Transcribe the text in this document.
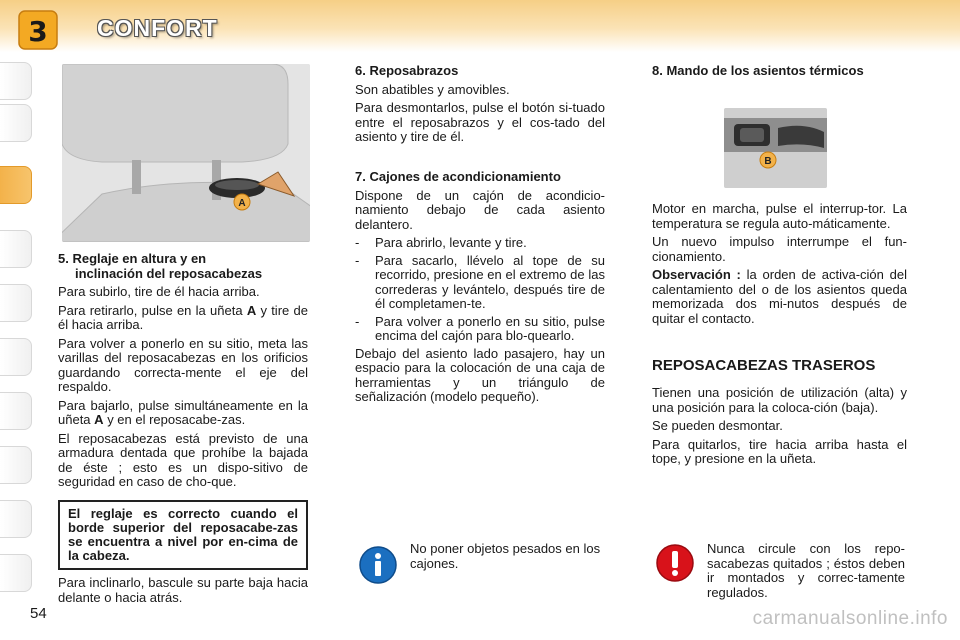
3 CONFORT
A

5. Reglaje en altura y en
inclinación del reposacabezas

Para subirlo, tire de él hacia arriba.

Para retirarlo, pulse en la uñeta A y tire de él hacia arriba.

Para volver a ponerlo en su sitio, meta las varillas del reposacabezas en los orificios guardando correcta-mente el eje del respaldo.

Para bajarlo, pulse simultáneamente en la uñeta A y en el reposacabe-zas.

El reposacabezas está previsto de una armadura dentada que prohíbe la bajada de éste ; esto es un dispo-sitivo de seguridad en caso de cho-que.

El reglaje es correcto cuando el borde superior del reposacabe-zas se encuentra a nivel por en-cima de la cabeza.
Para inclinarlo, bascule su parte baja hacia delante o hacia atrás.

6. Reposabrazos

Son abatibles y amovibles.

Para desmontarlos, pulse el botón si-tuado entre el reposabrazos y el cos-tado del asiento y tire de él.

7. Cajones de acondicionamiento

Dispone de un cajón de acondicio-namiento debajo de cada asiento delantero.

- Para abrirlo, levante y tire.
- Para sacarlo, llévelo al tope de su recorrido, presione en el extremo de las correderas y levántelo, después tire de él completamen-te.
- Para volver a ponerlo en su sitio, pulse encima del cajón para blo-quearlo.

Debajo del asiento lado pasajero, hay un espacio para la colocación de una caja de herramientas y un triángulo de señalización (modelo pequeño).

No poner objetos pesados en los cajones.

8. Mando de los asientos térmicos

B

Motor en marcha, pulse el interrup-tor. La temperatura se regula auto-máticamente.

Un nuevo impulso interrumpe el fun-cionamiento.

Observación : la orden de activa-ción del calentamiento del o de los asientos queda memorizada dos mi-nutos después de quitar el contacto.

REPOSACABEZAS TRASEROS

Tienen una posición de utilización (alta) y una posición para la coloca-ción (baja).

Se pueden desmontar.

Para quitarlos, tire hacia arriba hasta el tope, y presione en la uñeta.

Nunca circule con los repo-sacabezas quitados ; éstos deben ir montados y correc-tamente regulados.
54	carmanualsonline.info
